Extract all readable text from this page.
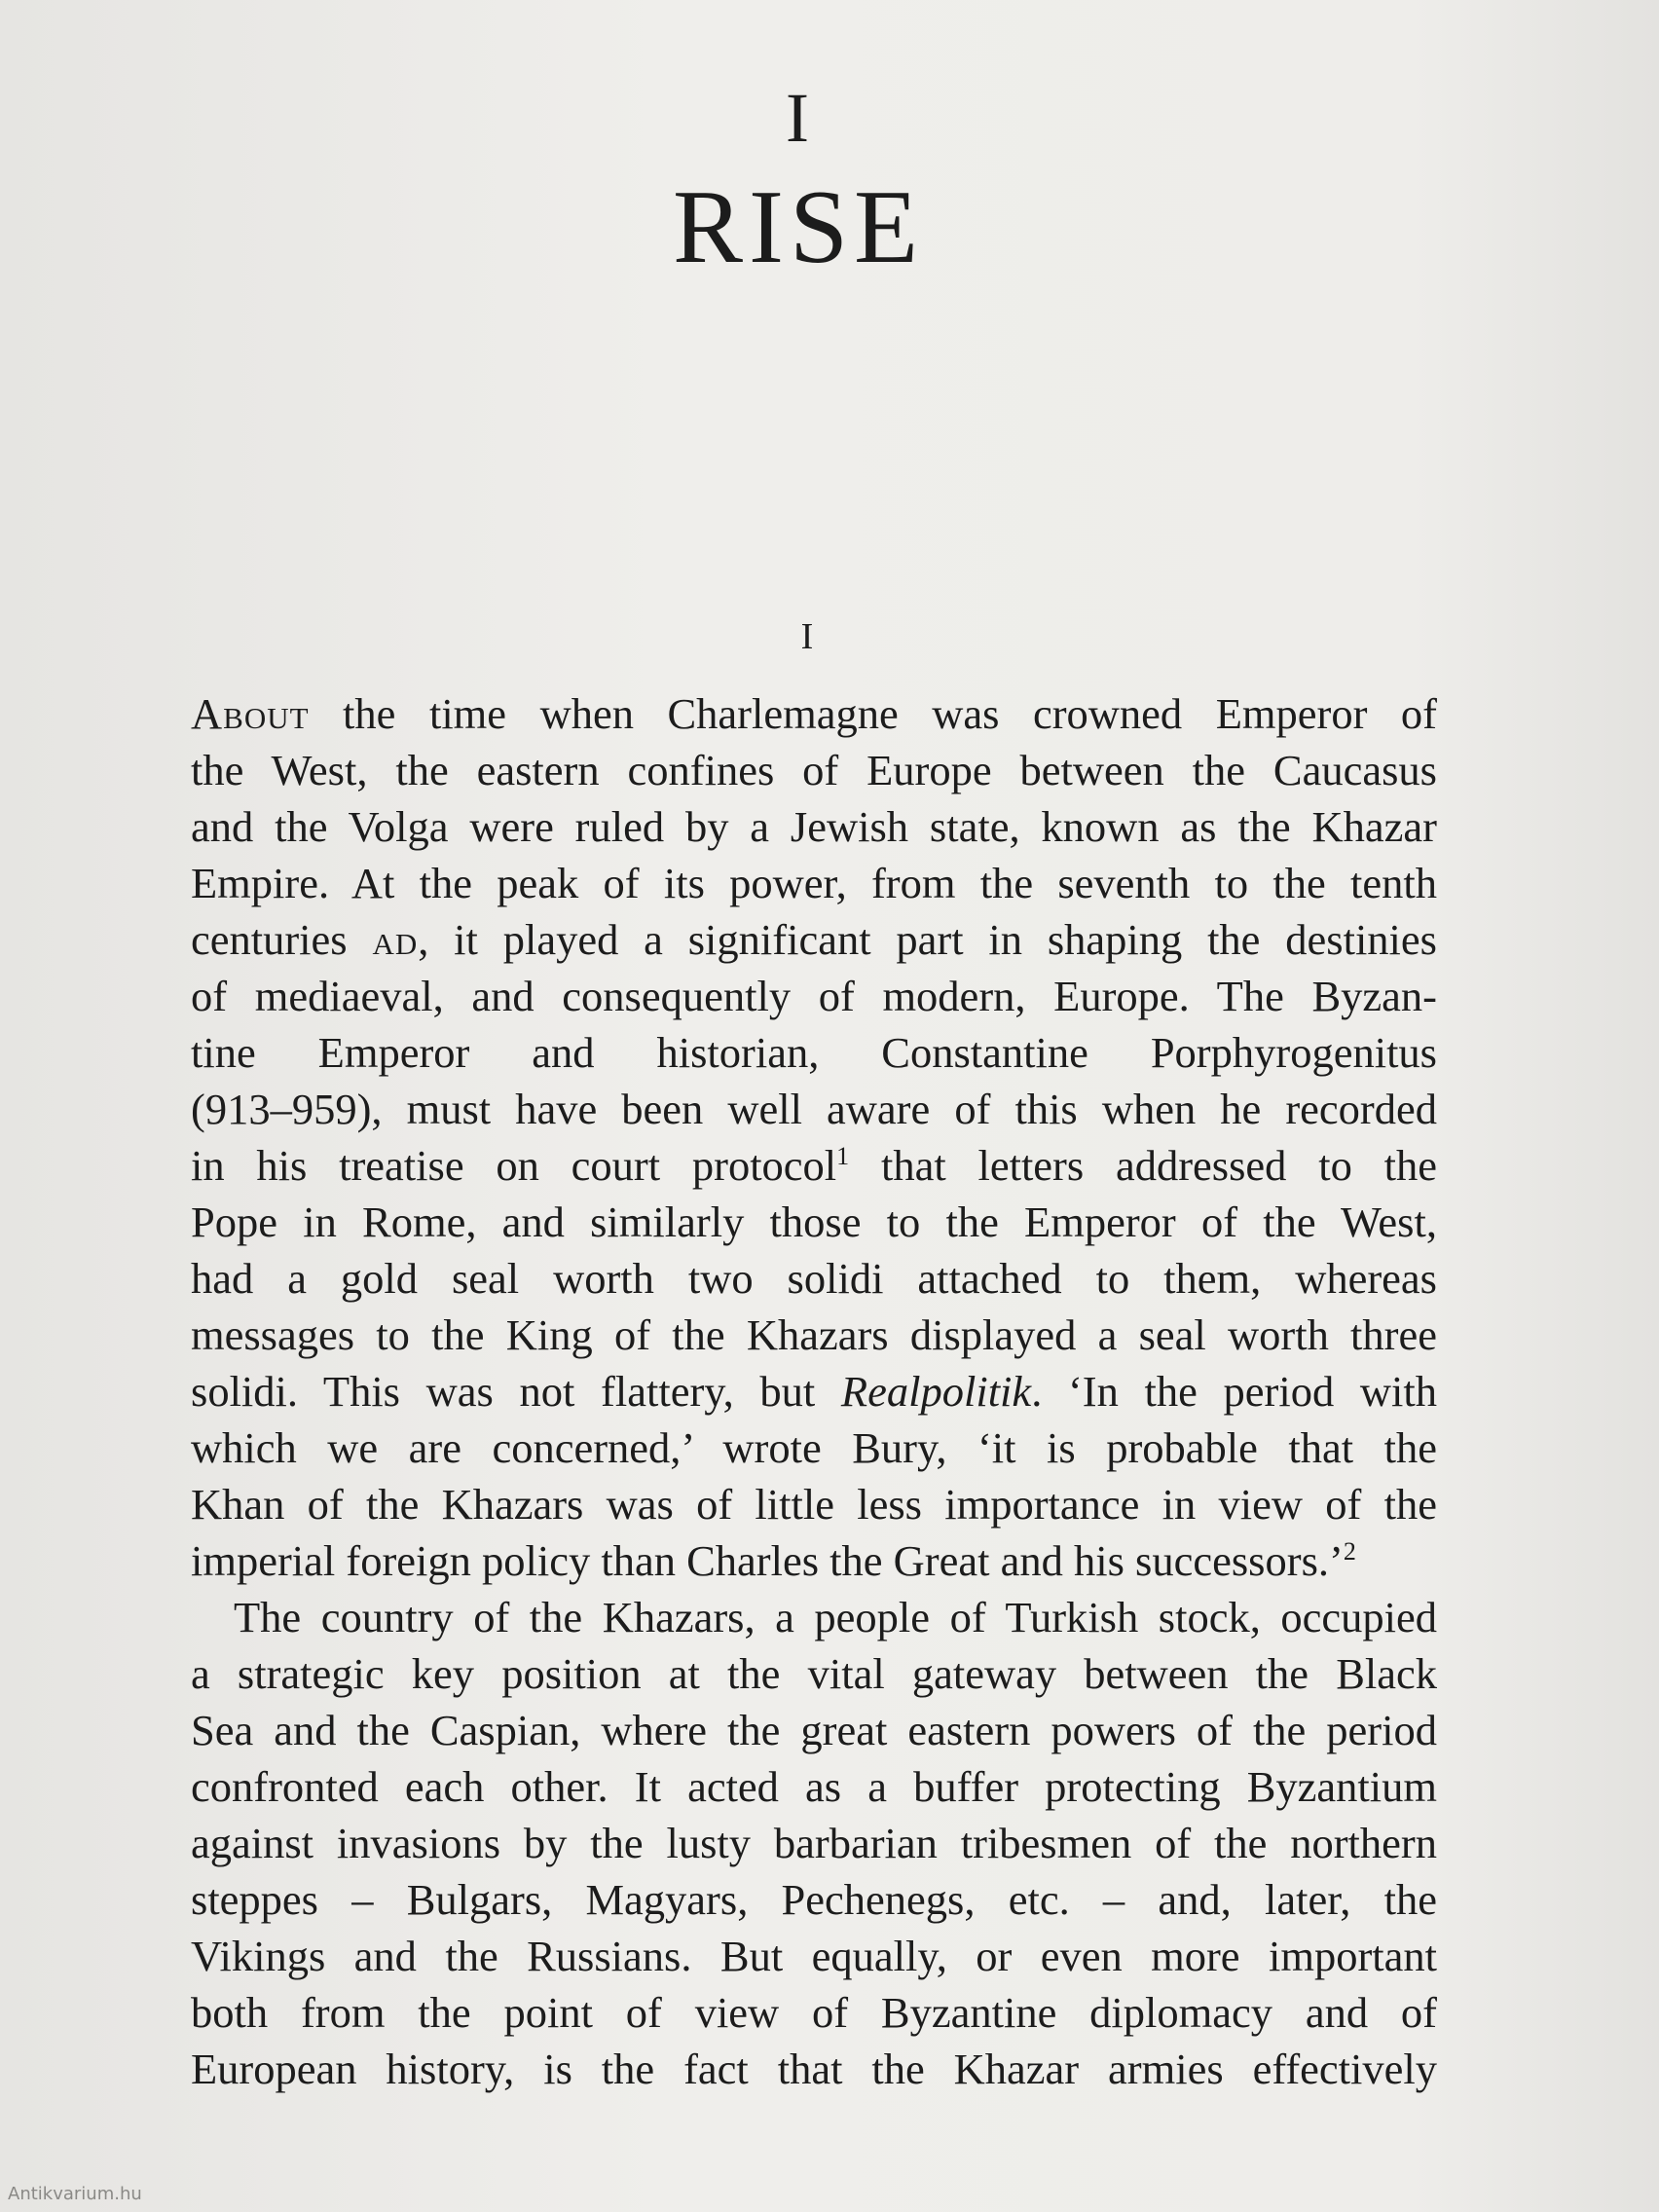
I
RISE
I
About the time when Charlemagne was crowned Emperor of
the West, the eastern confines of Europe between the Caucasus
and the Volga were ruled by a Jewish state, known as the Khazar
Empire. At the peak of its power, from the seventh to the tenth
centuries ad, it played a significant part in shaping the destinies
of mediaeval, and consequently of modern, Europe. The Byzan-
tine Emperor and historian, Constantine Porphyrogenitus
(913–959), must have been well aware of this when he recorded
in his treatise on court protocol$^1$ that letters addressed to the
Pope in Rome, and similarly those to the Emperor of the West,
had a gold seal worth two solidi attached to them, whereas
messages to the King of the Khazars displayed a seal worth three
solidi. This was not flattery, but Realpolitik. ‘In the period with
which we are concerned,’ wrote Bury, ‘it is probable that the
Khan of the Khazars was of little less importance in view of the
imperial foreign policy than Charles the Great and his successors.’$^2$
The country of the Khazars, a people of Turkish stock, occupied
a strategic key position at the vital gateway between the Black
Sea and the Caspian, where the great eastern powers of the period
confronted each other. It acted as a buffer protecting Byzantium
against invasions by the lusty barbarian tribesmen of the northern
steppes – Bulgars, Magyars, Pechenegs, etc. – and, later, the
Vikings and the Russians. But equally, or even more important
both from the point of view of Byzantine diplomacy and of
European history, is the fact that the Khazar armies effectively
Antikvarium.hu
